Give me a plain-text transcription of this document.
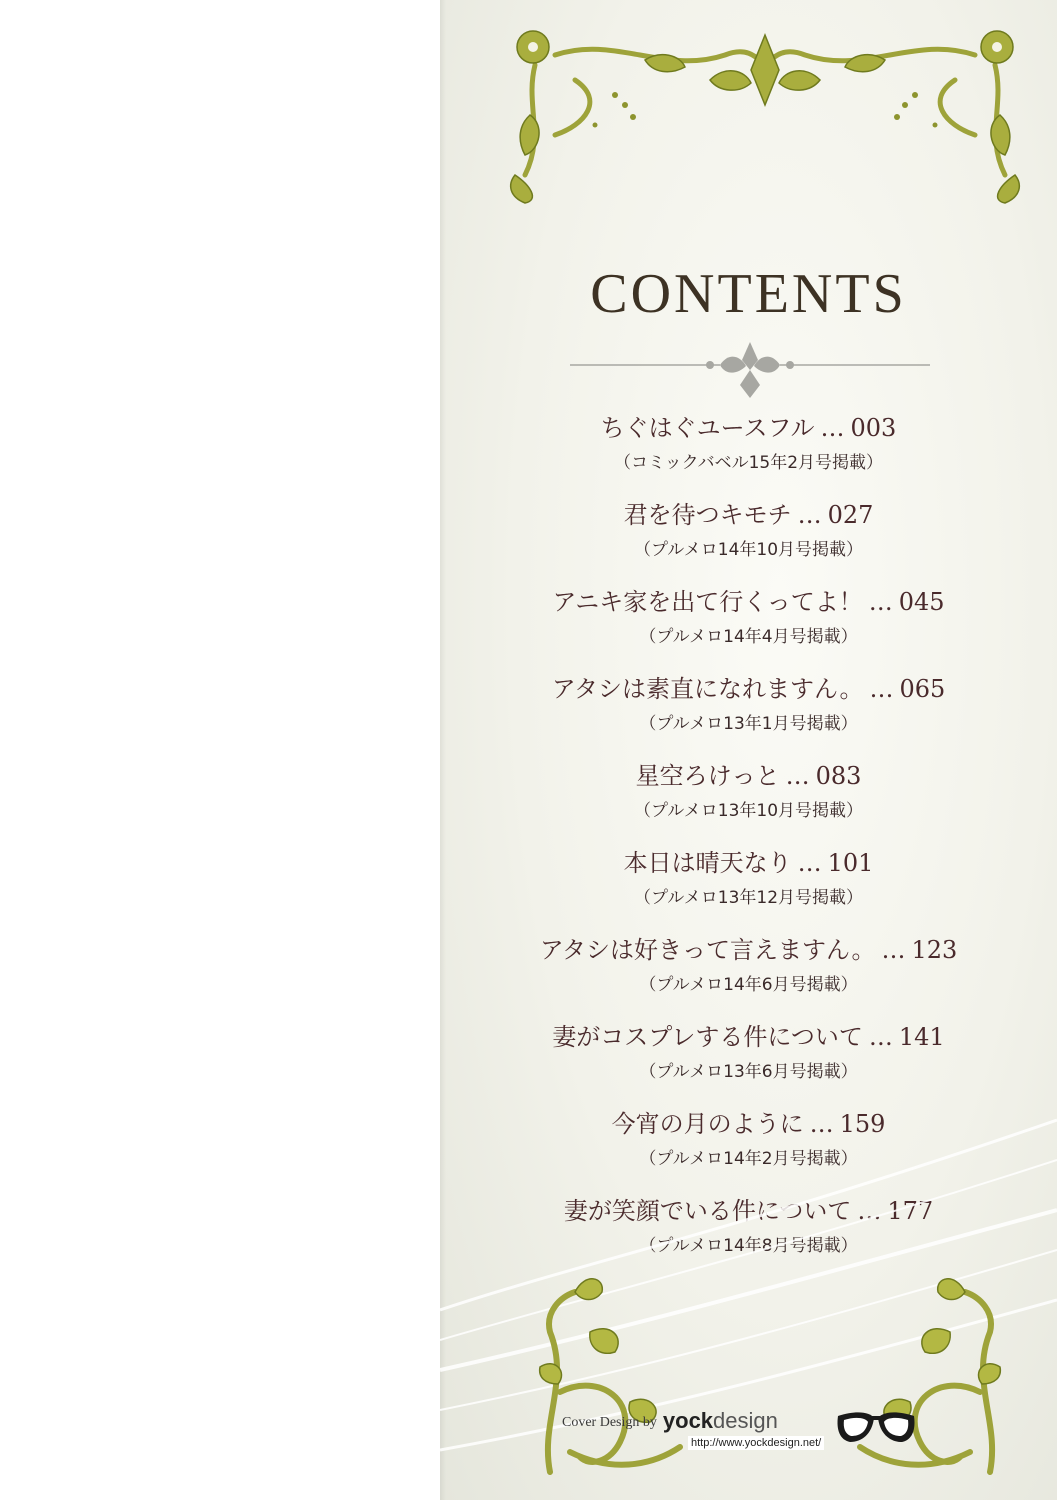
CONTENTS
ちぐはぐユースフル … 003
（コミックバベル15年2月号掲載）
君を待つキモチ … 027
（プルメロ14年10月号掲載）
アニキ家を出て行くってよ！ … 045
（プルメロ14年4月号掲載）
アタシは素直になれますん。 … 065
（プルメロ13年1月号掲載）
星空ろけっと … 083
（プルメロ13年10月号掲載）
本日は晴天なり … 101
（プルメロ13年12月号掲載）
アタシは好きって言えますん。 … 123
（プルメロ14年6月号掲載）
妻がコスプレする件について … 141
（プルメロ13年6月号掲載）
今宵の月のように … 159
（プルメロ14年2月号掲載）
妻が笑顔でいる件について … 177
（プルメロ14年8月号掲載）
Cover Design by yockdesign
http://www.yockdesign.net/
